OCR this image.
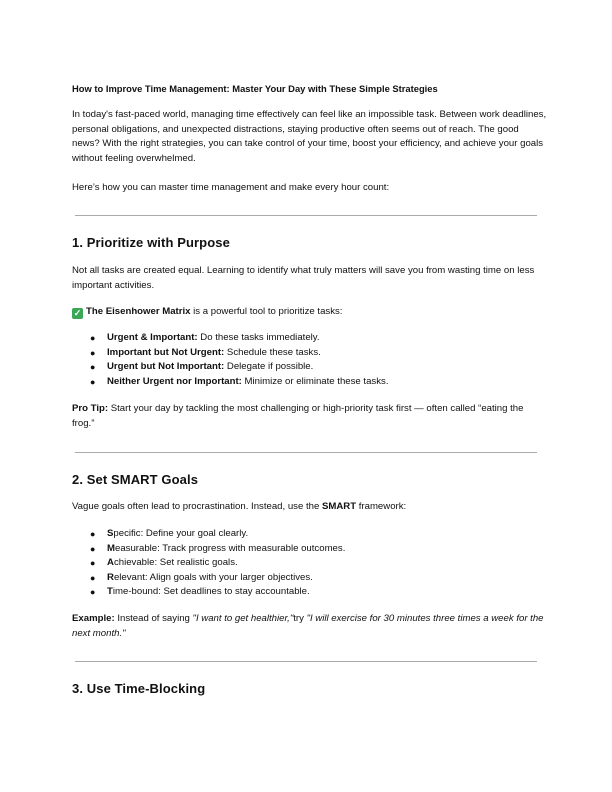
How to Improve Time Management: Master Your Day with These Simple Strategies

In today's fast-paced world, managing time effectively can feel like an impossible task. Between work deadlines, personal obligations, and unexpected distractions, staying productive often seems out of reach. The good news? With the right strategies, you can take control of your time, boost your efficiency, and achieve your goals without feeling overwhelmed.

Here’s how you can master time management and make every hour count:

1. Prioritize with Purpose

Not all tasks are created equal. Learning to identify what truly matters will save you from wasting time on less important activities.

✓ The Eisenhower Matrix is a powerful tool to prioritize tasks:

● Urgent & Important: Do these tasks immediately.
● Important but Not Urgent: Schedule these tasks.
● Urgent but Not Important: Delegate if possible.
● Neither Urgent nor Important: Minimize or eliminate these tasks.

Pro Tip: Start your day by tackling the most challenging or high-priority task first — often called “eating the frog.”

2. Set SMART Goals

Vague goals often lead to procrastination. Instead, use the SMART framework:

● Specific: Define your goal clearly.
● Measurable: Track progress with measurable outcomes.
● Achievable: Set realistic goals.
● Relevant: Align goals with your larger objectives.
● Time-bound: Set deadlines to stay accountable.

Example: Instead of saying "I want to get healthier,"try "I will exercise for 30 minutes three times a week for the next month."

3. Use Time-Blocking
